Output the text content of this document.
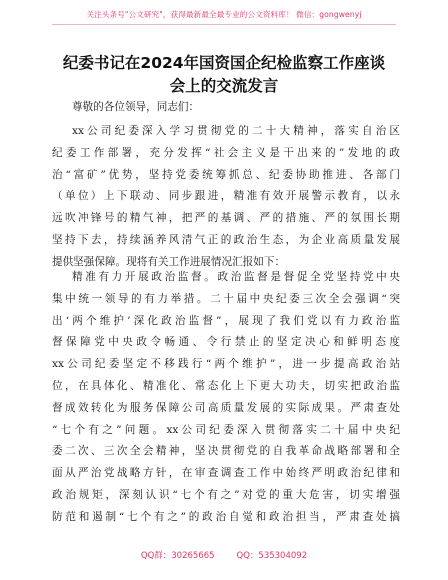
关注头条号"公文研究"，获得最新最全最专业的公文资料库！ 微信：gongwenyj
纪委书记在2024年国资国企纪检监察工作座谈
会上的交流发言
尊敬的各位领导，同志们：
xx公司纪委深入学习贯彻党的二十大精神，落实自治区
纪委工作部署，充分发挥“社会主义是干出来的”发地的政
治“富矿”优势，坚持党委统筹抓总、纪委协助推进、各部门
（单位）上下联动、同步跟进，精准有效开展警示教育，以永
远吹冲锋号的精气神，把严的基调、严的措施、严的氛围长期
坚持下去，持续涵养风清气正的政治生态，为企业高质量发展
提供坚强保障。现将有关工作进展情况汇报如下：
精准有力开展政治监督。政治监督是督促全党坚持党中央
集中统一领导的有力举措。二十届中央纪委三次全会强调“突
出‘两个维护’深化政治监督”，展现了我们党以有力政治监
督保障党中央政令畅通、令行禁止的坚定决心和鲜明态度
xx公司纪委坚定不移践行“两个维护”，进一步提高政治站
位，在具体化、精准化、常态化上下更大功夫，切实把政治监
督成效转化为服务保障公司高质量发展的实际成果。严肃查处
“七个有之”问题。xx公司纪委深入贯彻落实二十届中央纪
委二次、三次全会精神，坚决贯彻党的自我革命战略部署和全
面从严治党战略方针，在审查调查工作中始终严明政治纪律和
政治规矩，深刻认识“七个有之”对党的重大危害，切实增强
防范和遏制“七个有之”的政治自觉和政治担当，严肃查处搞
QQ群：30265665	QQ：535304092
